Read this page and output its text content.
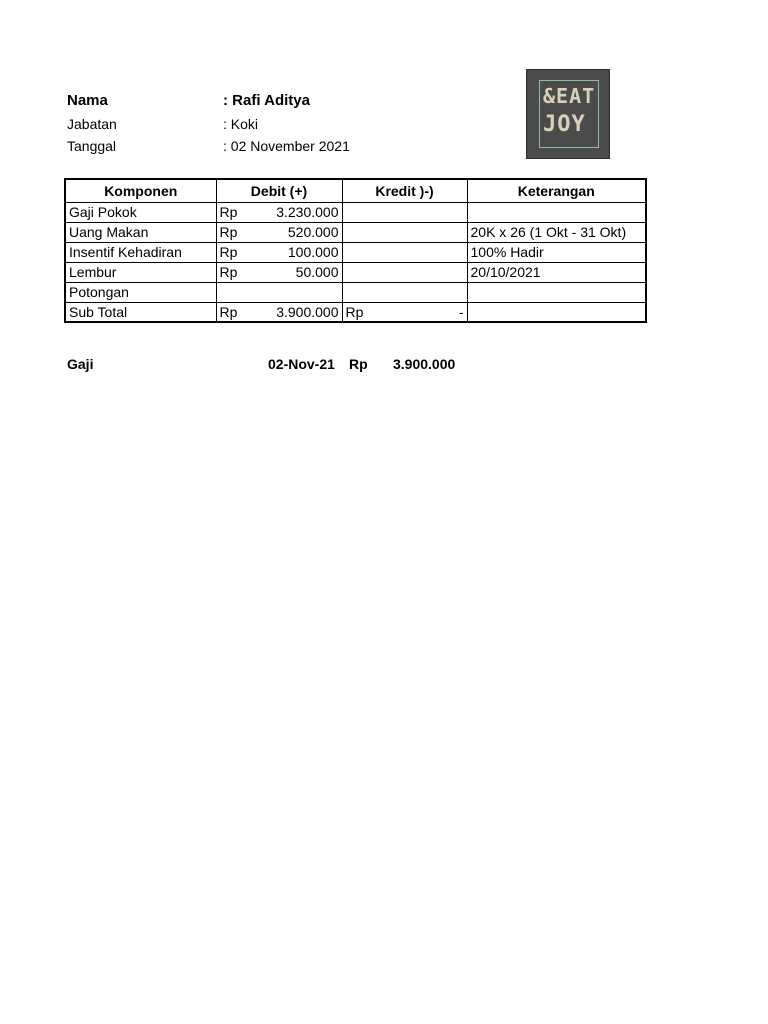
Nama	: Rafi Aditya
Jabatan	: Koki
Tanggal	: 02 November 2021
&EAT
JOY
Komponen	Debit (+)	Kredit )-)	Keterangan
Gaji Pokok	Rp 3.230.000		

Uang Makan	Rp 520.000		20K x 26 (1 Okt - 31 Okt)
Insentif Kehadiran	Rp 100.000		100% Hadir
Lembur	Rp 50.000		20/10/2021
Potongan	

Sub Total	Rp 3.900.000	Rp -	

Gaji	02-Nov-21 Rp 3.900.000
